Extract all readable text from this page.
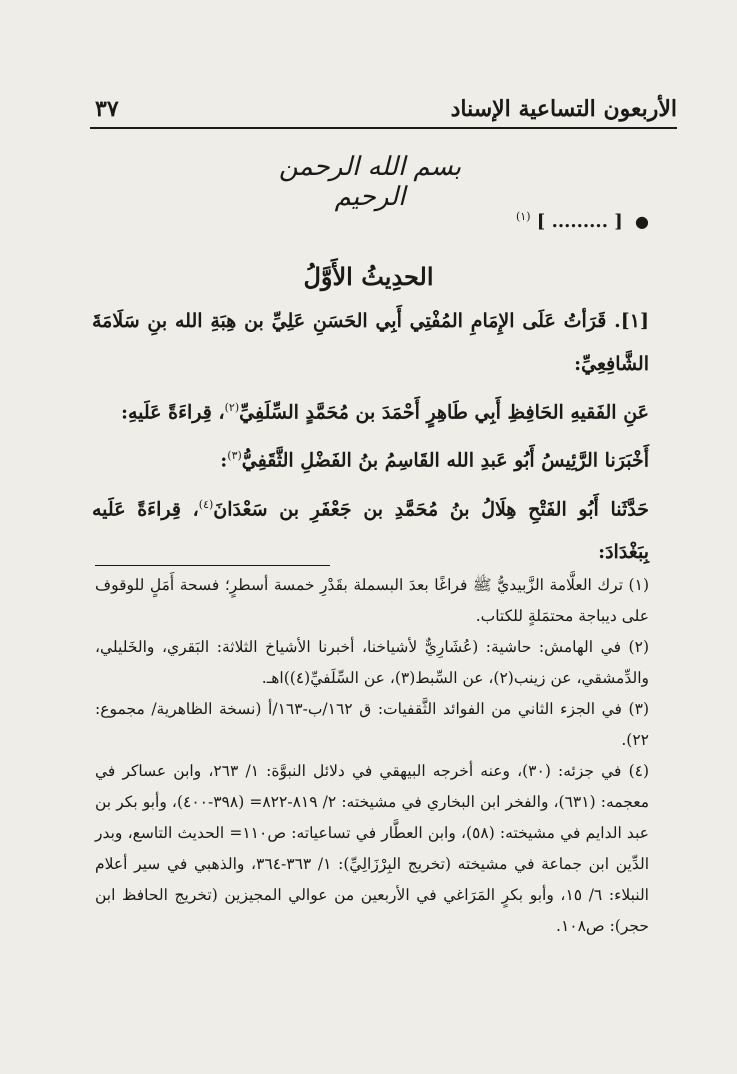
الأربعون التساعية الإسناد
٣٧
بسم الله الرحمن الرحيم
● [ ......... ] $^{(١)}$
الحدِيثُ الأَوَّلُ

[١]. قَرَأتُ عَلَى الإِمَامِ المُفْتِي أَبِي الحَسَنِ عَلِيِّ بن هِبَةِ الله بنِ سَلَامَةَ الشَّافِعِيِّ:

عَنِ الفَقيهِ الحَافِظِ أَبِي طَاهِرٍ أَحْمَدَ بن مُحَمَّدٍ السِّلَفِيِّ$^{(٢)}$، قِراءَةً عَلَيهِ:

أَخْبَرَنا الرَّئِيسُ أَبُو عَبدِ الله القَاسِمُ بنُ الفَضْلِ الثَّقَفِيُّ$^{(٣)}$:

حَدَّثَنا أَبُو الفَتْحِ هِلَالُ بنُ مُحَمَّدِ بن جَعْفَرِ بن سَعْدَانَ$^{(٤)}$، قِراءَةً عَلَيه بِبَغْدَادَ:

(١) ترك العلَّامة الزَّبيديُّ ﷺ فراغًا بعدَ البسملة بقَدْرِ خمسة أسطرٍ؛ فسحة أَمَلٍ للوقوف على ديباجة محتمَلةٍ للكتاب.

(٢) في الهامش: حاشية: (عُشَارِيٌّ لأشياخنا، أخبرنا الأشياخ الثلاثة: البَقري، والخَليلي، والدِّمشقي، عن زينب(٢)، عن السِّبط(٣)، عن السِّلَفيِّ(٤))اهـ.

(٣) في الجزء الثاني من الفوائد الثَّقفيات: ق ١٦٢/ب-١٦٣/أ (نسخة الظاهرية/ مجموع: ٢٢).

(٤) في جزئه: (٣٠)، وعنه أخرجه البيهقي في دلائل النبوَّة: ١/ ٢٦٣، وابن عساكر في معجمه: (٦٣١)، والفخر ابن البخاري في مشيخته: ٢/ ٨١٩-٨٢٢= (٣٩٨-٤٠٠)، وأبو بكر بن عبد الدايم في مشيخته: (٥٨)، وابن العطَّار في تساعياته: ص١١٠= الحديث التاسع، وبدر الدِّين ابن جماعة في مشيخته (تخريج البِرْزَالِيِّ): ١/ ٣٦٣-٣٦٤، والذهبي في سير أعلام النبلاء: ٦/ ١٥، وأبو بكرٍ المَرَاغي في الأربعين من عوالي المجيزين (تخريج الحافظ ابن حجر): ص١٠٨.
